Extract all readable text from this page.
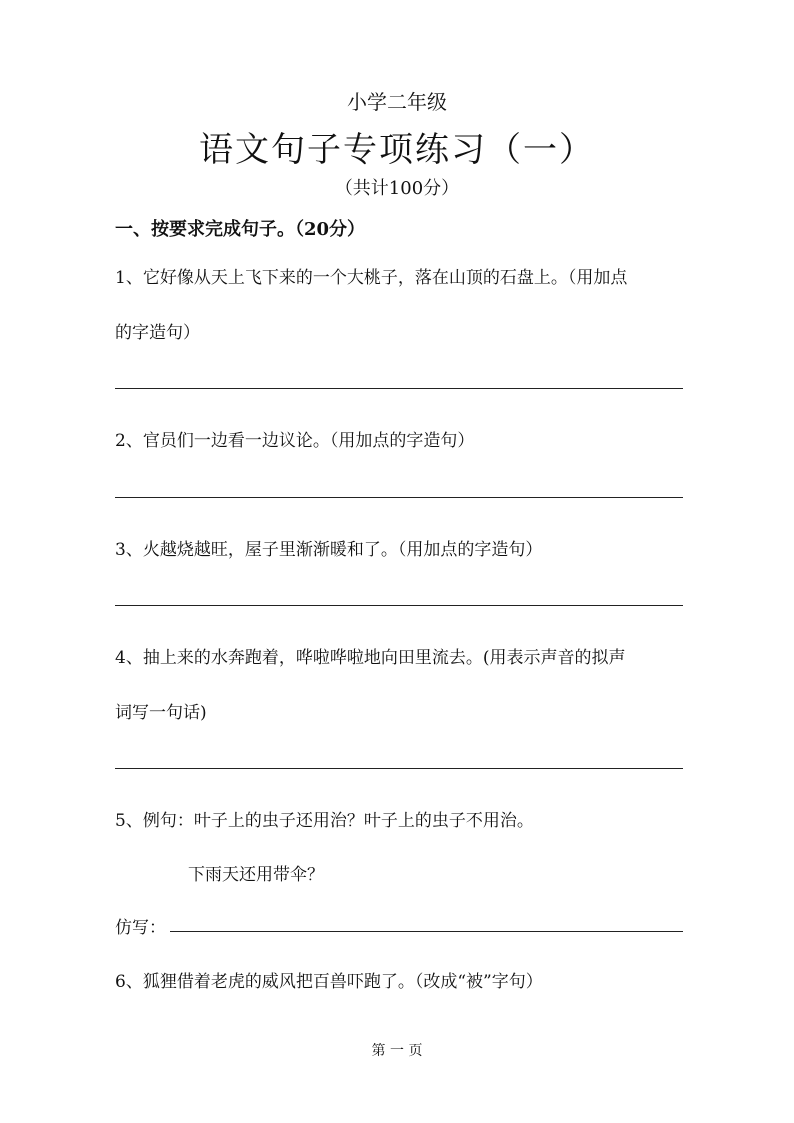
小学二年级
语文句子专项练习（一）
（共计100分）
一、按要求完成句子。（20分）
1、它好像从天上飞下来的一个大桃子，落在山顶的石盘上。（用加点
的字造句）
2、官员们一边看一边议论。（用加点的字造句）
3、火越烧越旺，屋子里渐渐暖和了。（用加点的字造句）
4、抽上来的水奔跑着，哗啦哗啦地向田里流去。(用表示声音的拟声
词写一句话)
5、例句：叶子上的虫子还用治？叶子上的虫子不用治。
下雨天还用带伞？
仿写：
6、狐狸借着老虎的威风把百兽吓跑了。（改成“被”字句）
第 一 页
